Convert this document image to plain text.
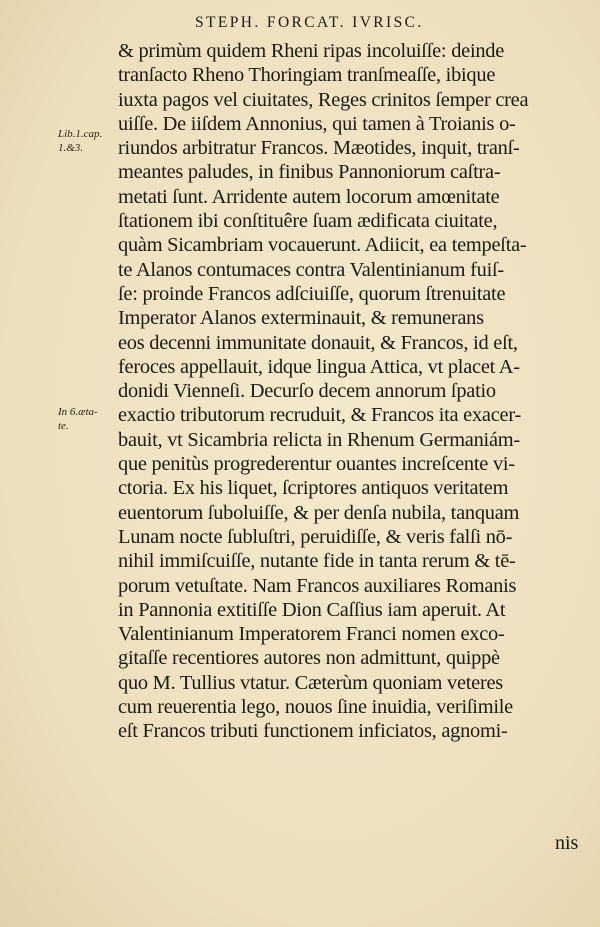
STEPH. FORCAT. IVRISC.
Lib.1.cap.
1.&3.
In 6.æta-
te.
& primùm quidem Rheni ripas incoluiſſe: deinde
tranſacto Rheno Thoringiam tranſmeaſſe, ibique
iuxta pagos vel ciuitates, Reges crinitos ſemper crea
uiſſe. De iiſdem Annonius, qui tamen à Troianis o-
riundos arbitratur Francos. Mæotides, inquit, tranſ-
meantes paludes, in finibus Pannoniorum caſtra-
metati ſunt. Arridente autem locorum amœnitate
ſtationem ibi conſtituêre ſuam ædificata ciuitate,
quàm Sicambriam vocauerunt. Adiicit, ea tempeſta-
te Alanos contumaces contra Valentinianum fuiſ-
ſe: proinde Francos adſciuiſſe, quorum ſtrenuitate
Imperator Alanos exterminauit, & remunerans
eos decenni immunitate donauit, & Francos, id eſt,
feroces appellauit, idque lingua Attica, vt placet A-
donidi Vienneſi. Decurſo decem annorum ſpatio
exactio tributorum recruduit, & Francos ita exacer-
bauit, vt Sicambria relicta in Rhenum Germaniám-
que penitùs progrederentur ouantes increſcente vi-
ctoria. Ex his liquet, ſcriptores antiquos veritatem
euentorum ſuboluiſſe, & per denſa nubila, tanquam
Lunam nocte ſubluſtri, peruidiſſe, & veris falſi nō-
nihil immiſcuiſſe, nutante fide in tanta rerum & tē-
porum vetuſtate. Nam Francos auxiliares Romanis
in Pannonia extitiſſe Dion Caſſius iam aperuit. At
Valentinianum Imperatorem Franci nomen exco-
gitaſſe recentiores autores non admittunt, quippè
quo M. Tullius vtatur. Cæterùm quoniam veteres
cum reuerentia lego, nouos ſine inuidia, veriſimile
eſt Francos tributi functionem inficiatos, agnomi-
nis
